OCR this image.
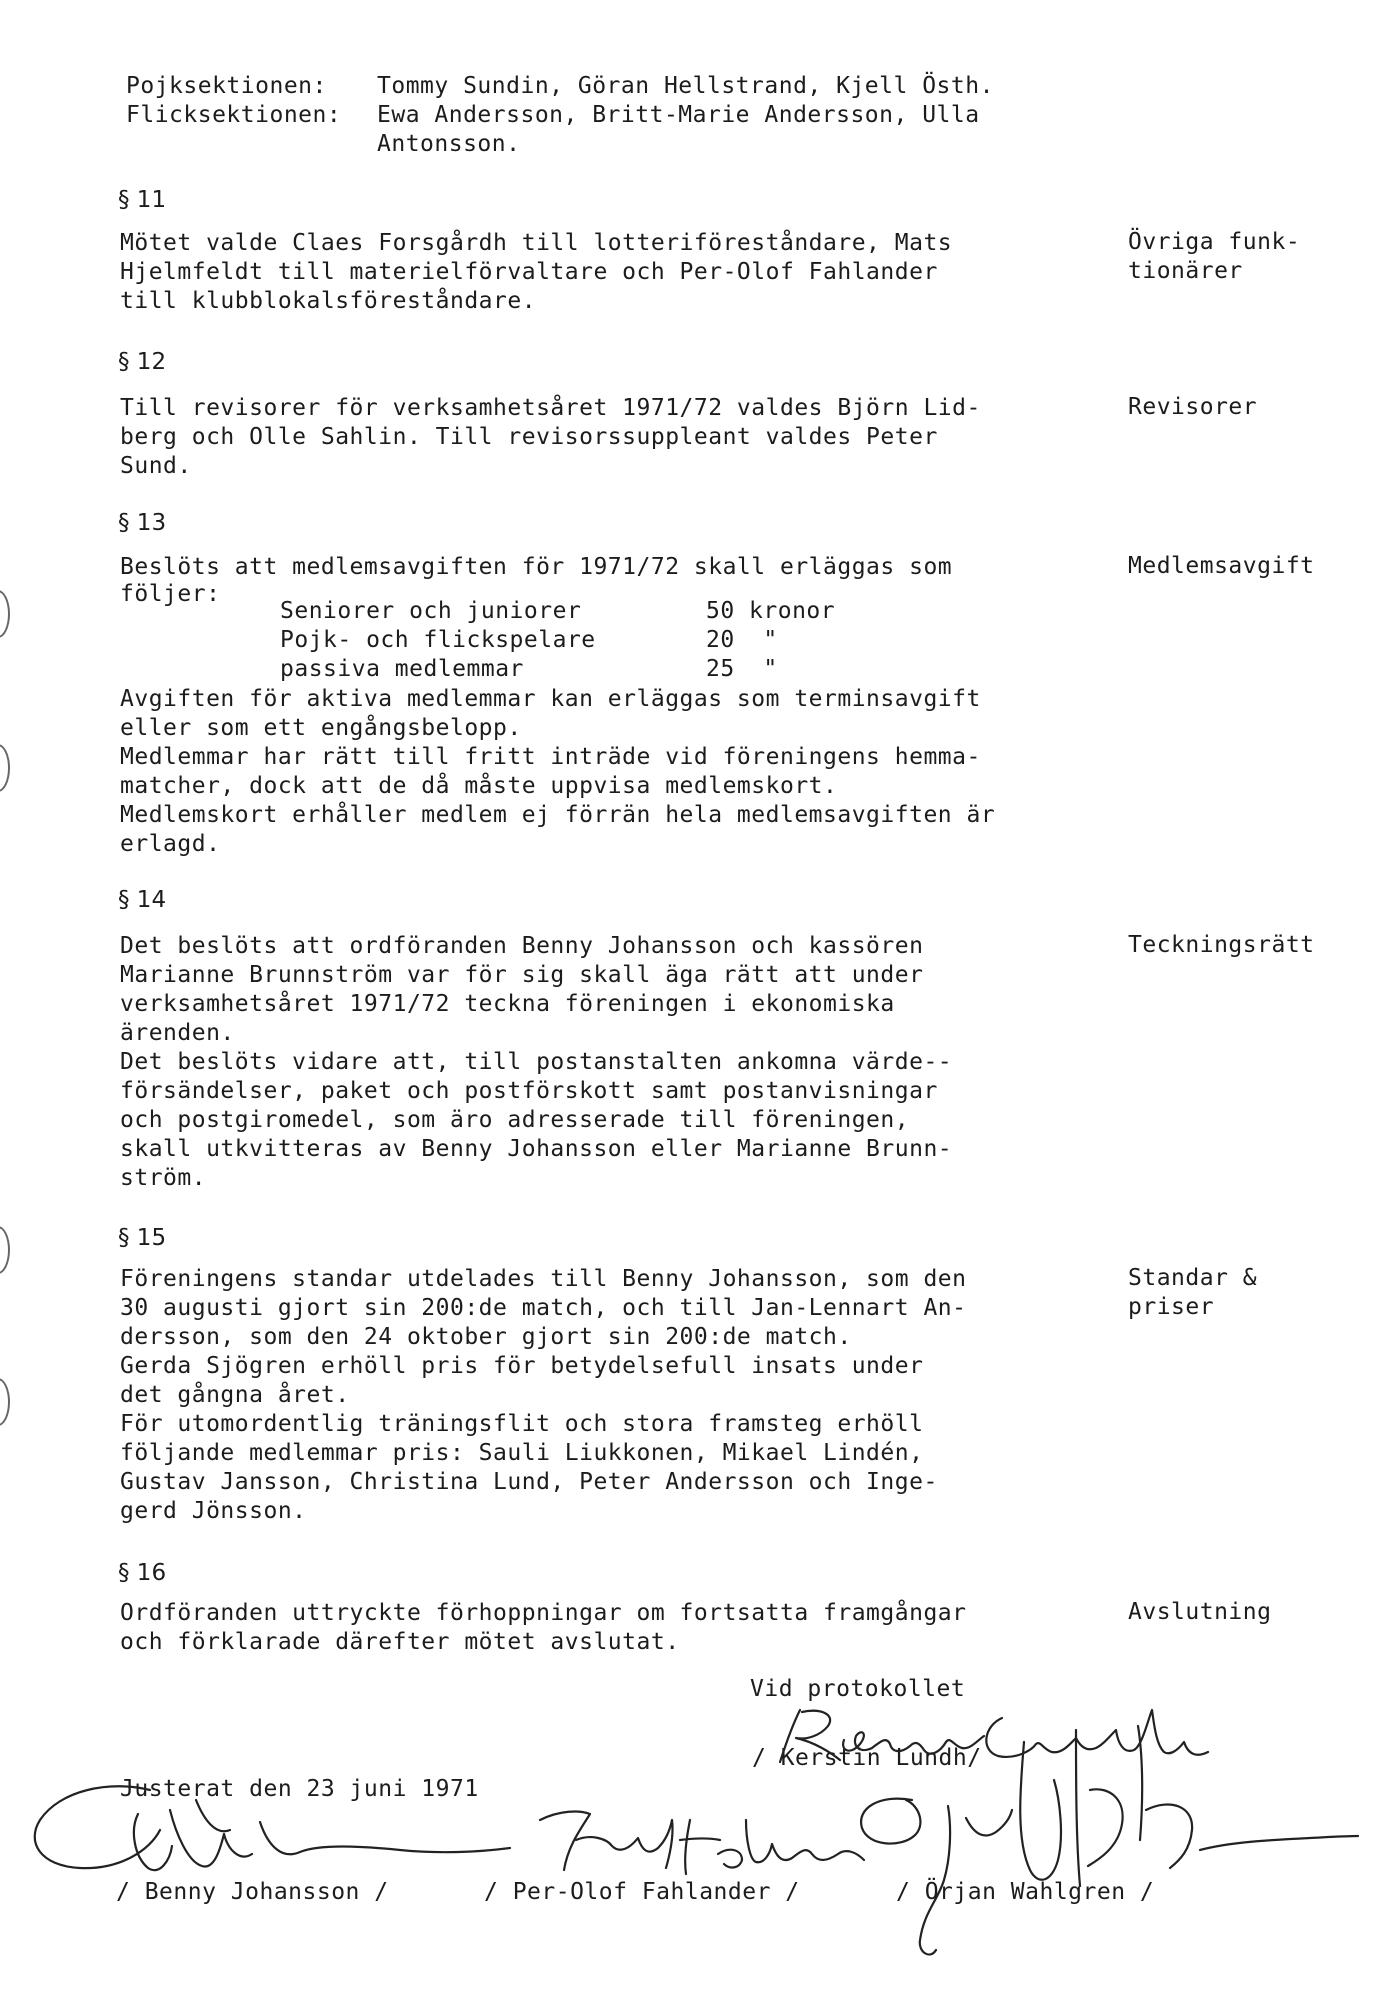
Pojksektionen: Tommy Sundin, Göran Hellstrand, Kjell Östh.
Flicksektionen: Ewa Andersson, Britt-Marie Andersson, Ulla
Antonsson.
§ 11
Mötet valde Claes Forsgårdh till lotteriföreståndare, Mats
Hjelmfeldt till materielförvaltare och Per-Olof Fahlander
till klubblokalsföreståndare.
Övriga funk-
tionärer
§ 12
Till revisorer för verksamhetsåret 1971/72 valdes Björn Lid-
berg och Olle Sahlin. Till revisorssuppleant valdes Peter
Sund.
Revisorer
§ 13
Beslöts att medlemsavgiften för 1971/72 skall erläggas som
följer:
Medlemsavgift
Seniorer och juniorer	50 kronor
Pojk- och flickspelare	20  "
passiva medlemmar	25  "
Avgiften för aktiva medlemmar kan erläggas som terminsavgift
eller som ett engångsbelopp.
Medlemmar har rätt till fritt inträde vid föreningens hemma-
matcher, dock att de då måste uppvisa medlemskort.
Medlemskort erhåller medlem ej förrän hela medlemsavgiften är
erlagd.
§ 14
Det beslöts att ordföranden Benny Johansson och kassören
Marianne Brunnström var för sig skall äga rätt att under
verksamhetsåret 1971/72 teckna föreningen i ekonomiska
ärenden.
Det beslöts vidare att, till postanstalten ankomna värde--
försändelser, paket och postförskott samt postanvisningar
och postgiromedel, som äro adresserade till föreningen,
skall utkvitteras av Benny Johansson eller Marianne Brunn-
ström.
Teckningsrätt
§ 15
Föreningens standar utdelades till Benny Johansson, som den
30 augusti gjort sin 200:de match, och till Jan-Lennart An-
dersson, som den 24 oktober gjort sin 200:de match.
Gerda Sjögren erhöll pris för betydelsefull insats under
det gångna året.
För utomordentlig träningsflit och stora framsteg erhöll
följande medlemmar pris: Sauli Liukkonen, Mikael Lindén,
Gustav Jansson, Christina Lund, Peter Andersson och Inge-
gerd Jönsson.
Standar &
priser
§ 16
Ordföranden uttryckte förhoppningar om fortsatta framgångar
och förklarade därefter mötet avslutat.
Avslutning
Vid protokollet
/ Kerstin Lundh/
Justerat den 23 juni 1971
/ Benny Johansson /	/ Per-Olof Fahlander /	/ Örjan Wahlgren /
